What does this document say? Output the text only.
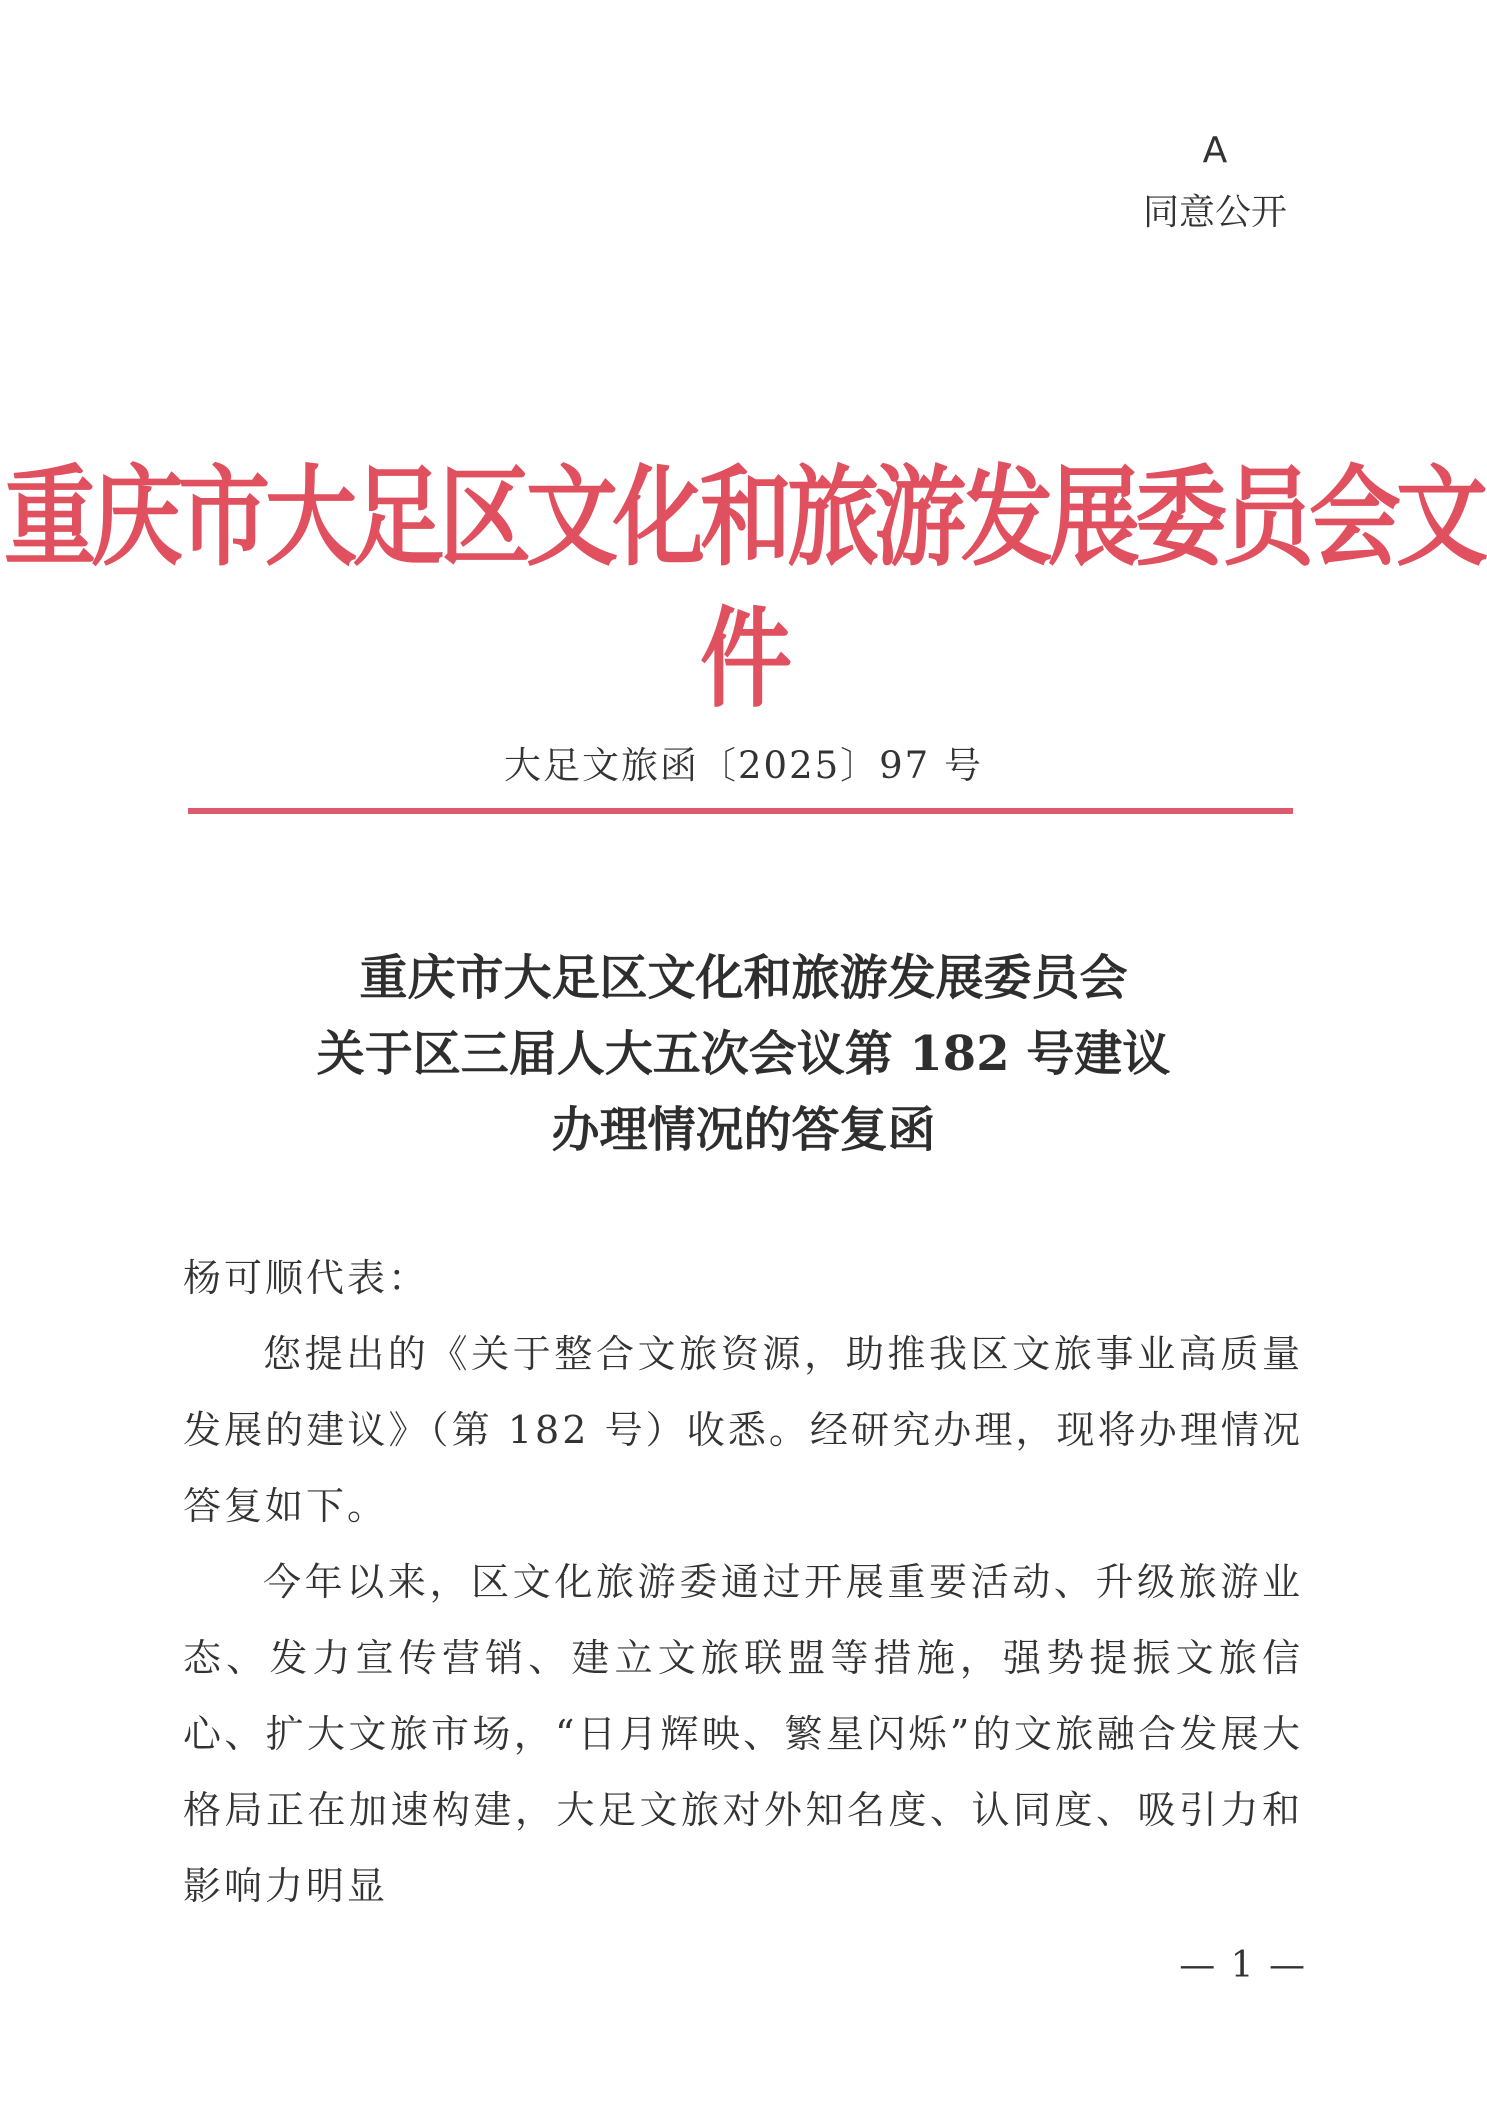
A
同意公开
重庆市大足区文化和旅游发展委员会文件
大足文旅函〔2025〕97 号
重庆市大足区文化和旅游发展委员会
关于区三届人大五次会议第 182 号建议
办理情况的答复函

杨可顺代表：

您提出的《关于整合文旅资源，助推我区文旅事业高质量发展的建议》（第 182 号）收悉。经研究办理，现将办理情况答复如下。

今年以来，区文化旅游委通过开展重要活动、升级旅游业态、发力宣传营销、建立文旅联盟等措施，强势提振文旅信心、扩大文旅市场，“日月辉映、繁星闪烁”的文旅融合发展大格局正在加速构建，大足文旅对外知名度、认同度、吸引力和影响力明显

— 1 —
